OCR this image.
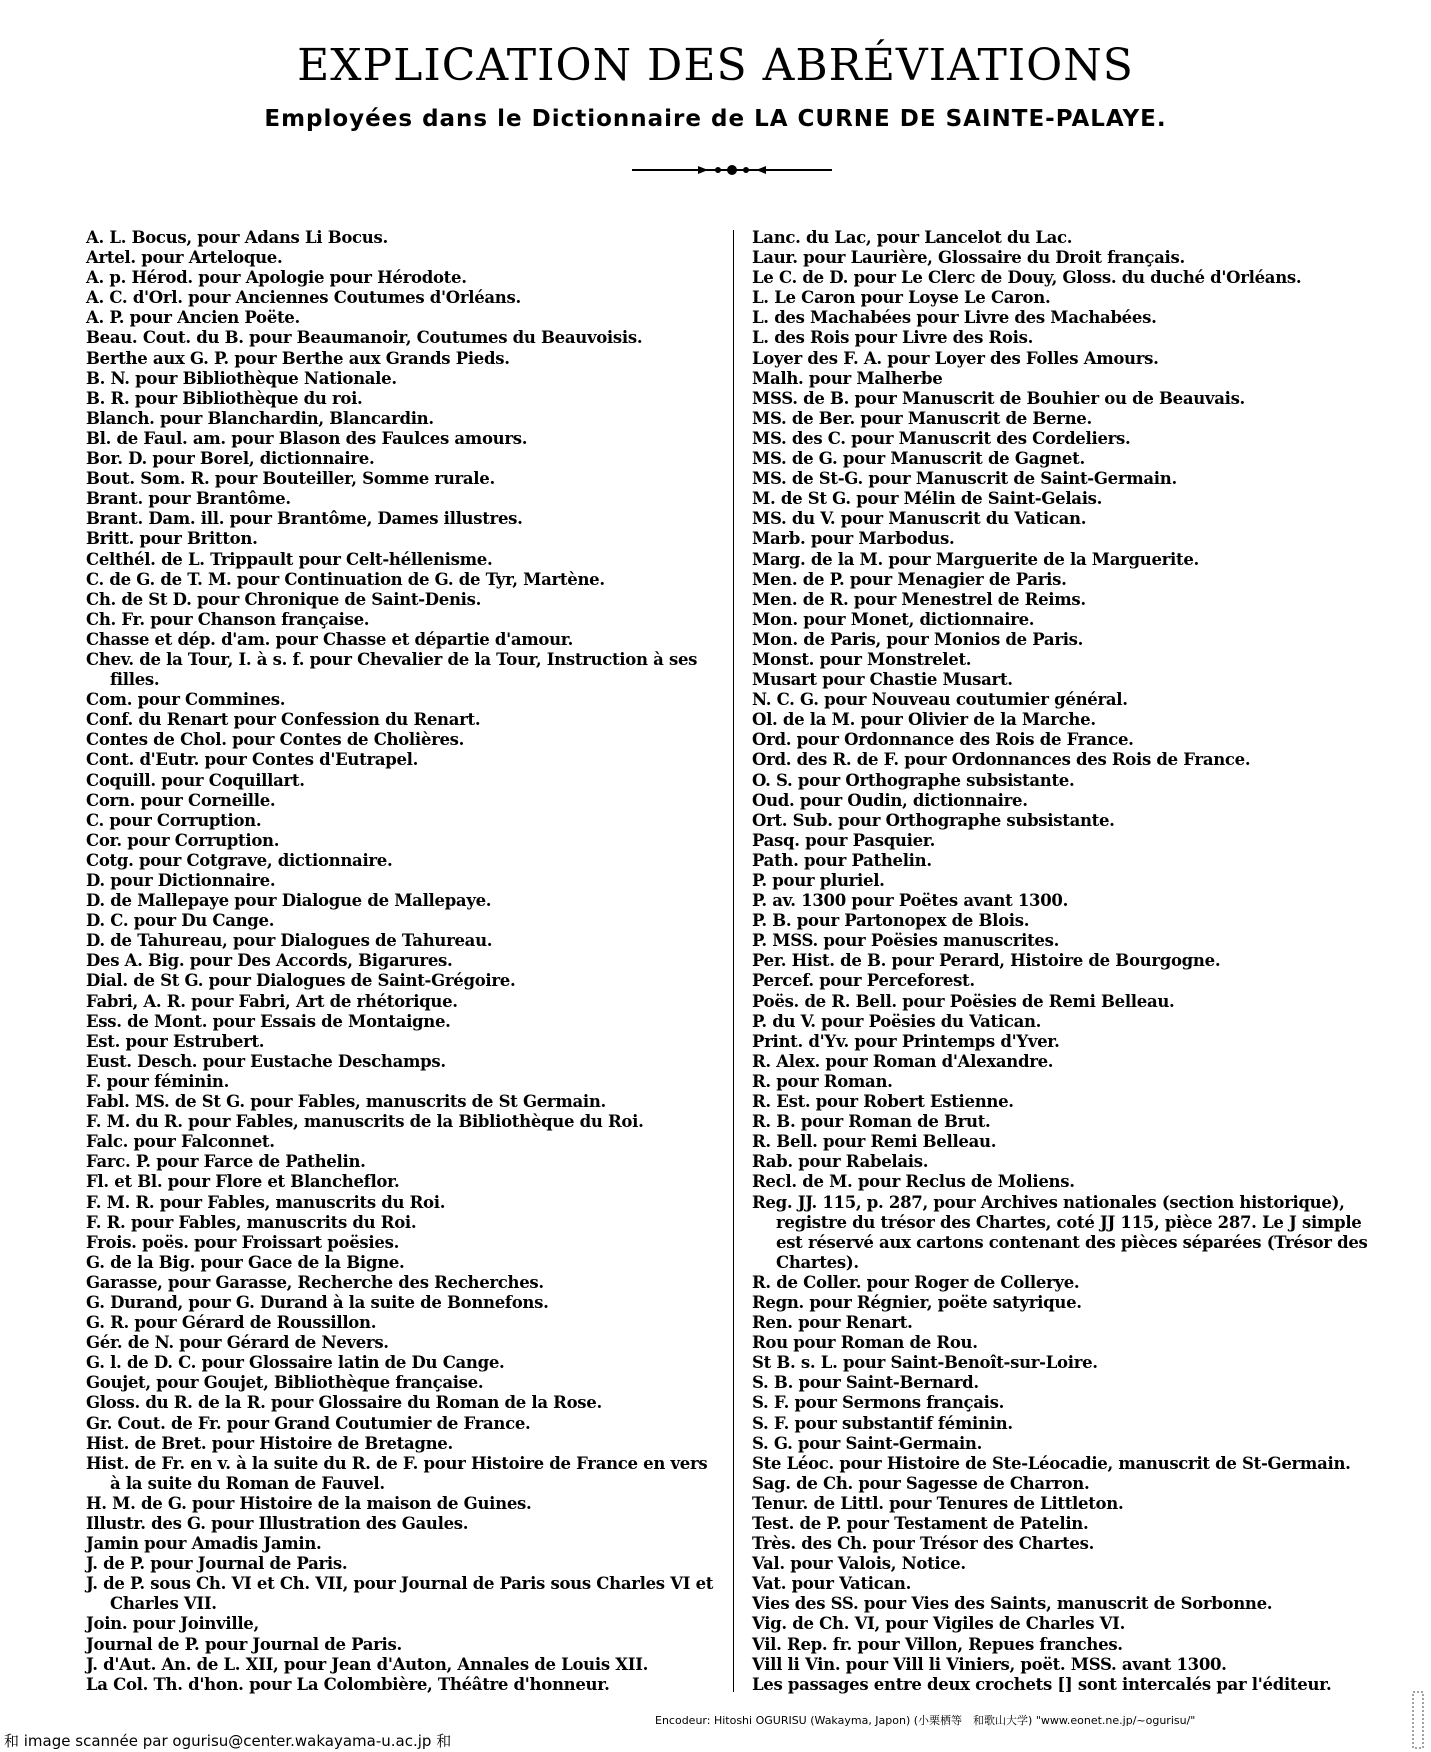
EXPLICATION DES ABRÉVIATIONS
Employées dans le Dictionnaire de LA CURNE DE SAINTE-PALAYE.
A. L. Bocus, pour Adans Li Bocus.
Artel. pour Arteloque.
A. p. Hérod. pour Apologie pour Hérodote.
A. C. d'Orl. pour Anciennes Coutumes d'Orléans.
A. P. pour Ancien Poëte.
Beau. Cout. du B. pour Beaumanoir, Coutumes du Beauvoisis.
Berthe aux G. P. pour Berthe aux Grands Pieds.
B. N. pour Bibliothèque Nationale.
B. R. pour Bibliothèque du roi.
Blanch. pour Blanchardin, Blancardin.
Bl. de Faul. am. pour Blason des Faulces amours.
Bor. D. pour Borel, dictionnaire.
Bout. Som. R. pour Bouteiller, Somme rurale.
Brant. pour Brantôme.
Brant. Dam. ill. pour Brantôme, Dames illustres.
Britt. pour Britton.
Celthél. de L. Trippault pour Celt-héllenisme.
C. de G. de T. M. pour Continuation de G. de Tyr, Martène.
Ch. de St D. pour Chronique de Saint-Denis.
Ch. Fr. pour Chanson française.
Chasse et dép. d'am. pour Chasse et départie d'amour.
Chev. de la Tour, I. à s. f. pour Chevalier de la Tour, Instruction à ses filles.
Com. pour Commines.
Conf. du Renart pour Confession du Renart.
Contes de Chol. pour Contes de Cholières.
Cont. d'Eutr. pour Contes d'Eutrapel.
Coquill. pour Coquillart.
Corn. pour Corneille.
C. pour Corruption.
Cor. pour Corruption.
Cotg. pour Cotgrave, dictionnaire.
D. pour Dictionnaire.
D. de Mallepaye pour Dialogue de Mallepaye.
D. C. pour Du Cange.
D. de Tahureau, pour Dialogues de Tahureau.
Des A. Big. pour Des Accords, Bigarures.
Dial. de St G. pour Dialogues de Saint-Grégoire.
Fabri, A. R. pour Fabri, Art de rhétorique.
Ess. de Mont. pour Essais de Montaigne.
Est. pour Estrubert.
Eust. Desch. pour Eustache Deschamps.
F. pour féminin.
Fabl. MS. de St G. pour Fables, manuscrits de St Germain.
F. M. du R. pour Fables, manuscrits de la Bibliothèque du Roi.
Falc. pour Falconnet.
Farc. P. pour Farce de Pathelin.
Fl. et Bl. pour Flore et Blancheflor.
F. M. R. pour Fables, manuscrits du Roi.
F. R. pour Fables, manuscrits du Roi.
Frois. poës. pour Froissart poësies.
G. de la Big. pour Gace de la Bigne.
Garasse, pour Garasse, Recherche des Recherches.
G. Durand, pour G. Durand à la suite de Bonnefons.
G. R. pour Gérard de Roussillon.
Gér. de N. pour Gérard de Nevers.
G. l. de D. C. pour Glossaire latin de Du Cange.
Goujet, pour Goujet, Bibliothèque française.
Gloss. du R. de la R. pour Glossaire du Roman de la Rose.
Gr. Cout. de Fr. pour Grand Coutumier de France.
Hist. de Bret. pour Histoire de Bretagne.
Hist. de Fr. en v. à la suite du R. de F. pour Histoire de France en vers à la suite du Roman de Fauvel.
H. M. de G. pour Histoire de la maison de Guines.
Illustr. des G. pour Illustration des Gaules.
Jamin pour Amadis Jamin.
J. de P. pour Journal de Paris.
J. de P. sous Ch. VI et Ch. VII, pour Journal de Paris sous Charles VI et Charles VII.
Join. pour Joinville,
Journal de P. pour Journal de Paris.
J. d'Aut. An. de L. XII, pour Jean d'Auton, Annales de Louis XII.
La Col. Th. d'hon. pour La Colombière, Théâtre d'honneur.
Lanc. du Lac, pour Lancelot du Lac.
Laur. pour Laurière, Glossaire du Droit français.
Le C. de D. pour Le Clerc de Douy, Gloss. du duché d'Orléans.
L. Le Caron pour Loyse Le Caron.
L. des Machabées pour Livre des Machabées.
L. des Rois pour Livre des Rois.
Loyer des F. A. pour Loyer des Folles Amours.
Malh. pour Malherbe
MSS. de B. pour Manuscrit de Bouhier ou de Beauvais.
MS. de Ber. pour Manuscrit de Berne.
MS. des C. pour Manuscrit des Cordeliers.
MS. de G. pour Manuscrit de Gagnet.
MS. de St-G. pour Manuscrit de Saint-Germain.
M. de St G. pour Mélin de Saint-Gelais.
MS. du V. pour Manuscrit du Vatican.
Marb. pour Marbodus.
Marg. de la M. pour Marguerite de la Marguerite.
Men. de P. pour Menagier de Paris.
Men. de R. pour Menestrel de Reims.
Mon. pour Monet, dictionnaire.
Mon. de Paris, pour Monios de Paris.
Monst. pour Monstrelet.
Musart pour Chastie Musart.
N. C. G. pour Nouveau coutumier général.
Ol. de la M. pour Olivier de la Marche.
Ord. pour Ordonnance des Rois de France.
Ord. des R. de F. pour Ordonnances des Rois de France.
O. S. pour Orthographe subsistante.
Oud. pour Oudin, dictionnaire.
Ort. Sub. pour Orthographe subsistante.
Pasq. pour Pasquier.
Path. pour Pathelin.
P. pour pluriel.
P. av. 1300 pour Poëtes avant 1300.
P. B. pour Partonopex de Blois.
P. MSS. pour Poësies manuscrites.
Per. Hist. de B. pour Perard, Histoire de Bourgogne.
Percef. pour Perceforest.
Poës. de R. Bell. pour Poësies de Remi Belleau.
P. du V. pour Poësies du Vatican.
Print. d'Yv. pour Printemps d'Yver.
R. Alex. pour Roman d'Alexandre.
R. pour Roman.
R. Est. pour Robert Estienne.
R. B. pour Roman de Brut.
R. Bell. pour Remi Belleau.
Rab. pour Rabelais.
Recl. de M. pour Reclus de Moliens.
Reg. JJ. 115, p. 287, pour Archives nationales (section historique), registre du trésor des Chartes, coté JJ 115, pièce 287. Le J simple est réservé aux cartons contenant des pièces séparées (Trésor des Chartes).
R. de Coller. pour Roger de Collerye.
Regn. pour Régnier, poëte satyrique.
Ren. pour Renart.
Rou pour Roman de Rou.
St B. s. L. pour Saint-Benoît-sur-Loire.
S. B. pour Saint-Bernard.
S. F. pour Sermons français.
S. F. pour substantif féminin.
S. G. pour Saint-Germain.
Ste Léoc. pour Histoire de Ste-Léocadie, manuscrit de St-Germain.
Sag. de Ch. pour Sagesse de Charron.
Tenur. de Littl. pour Tenures de Littleton.
Test. de P. pour Testament de Patelin.
Très. des Ch. pour Trésor des Chartes.
Val. pour Valois, Notice.
Vat. pour Vatican.
Vies des SS. pour Vies des Saints, manuscrit de Sorbonne.
Vig. de Ch. VI, pour Vigiles de Charles VI.
Vil. Rep. fr. pour Villon, Repues franches.
Vill li Vin. pour Vill li Viniers, poët. MSS. avant 1300.
Les passages entre deux crochets [] sont intercalés par l'éditeur.
Encodeur: Hitoshi OGURISU (Wakayma, Japon) (小栗栖等　和歌山大学) "www.eonet.ne.jp/~ogurisu/"
和 image scannée par ogurisu@center.wakayama-u.ac.jp 和
